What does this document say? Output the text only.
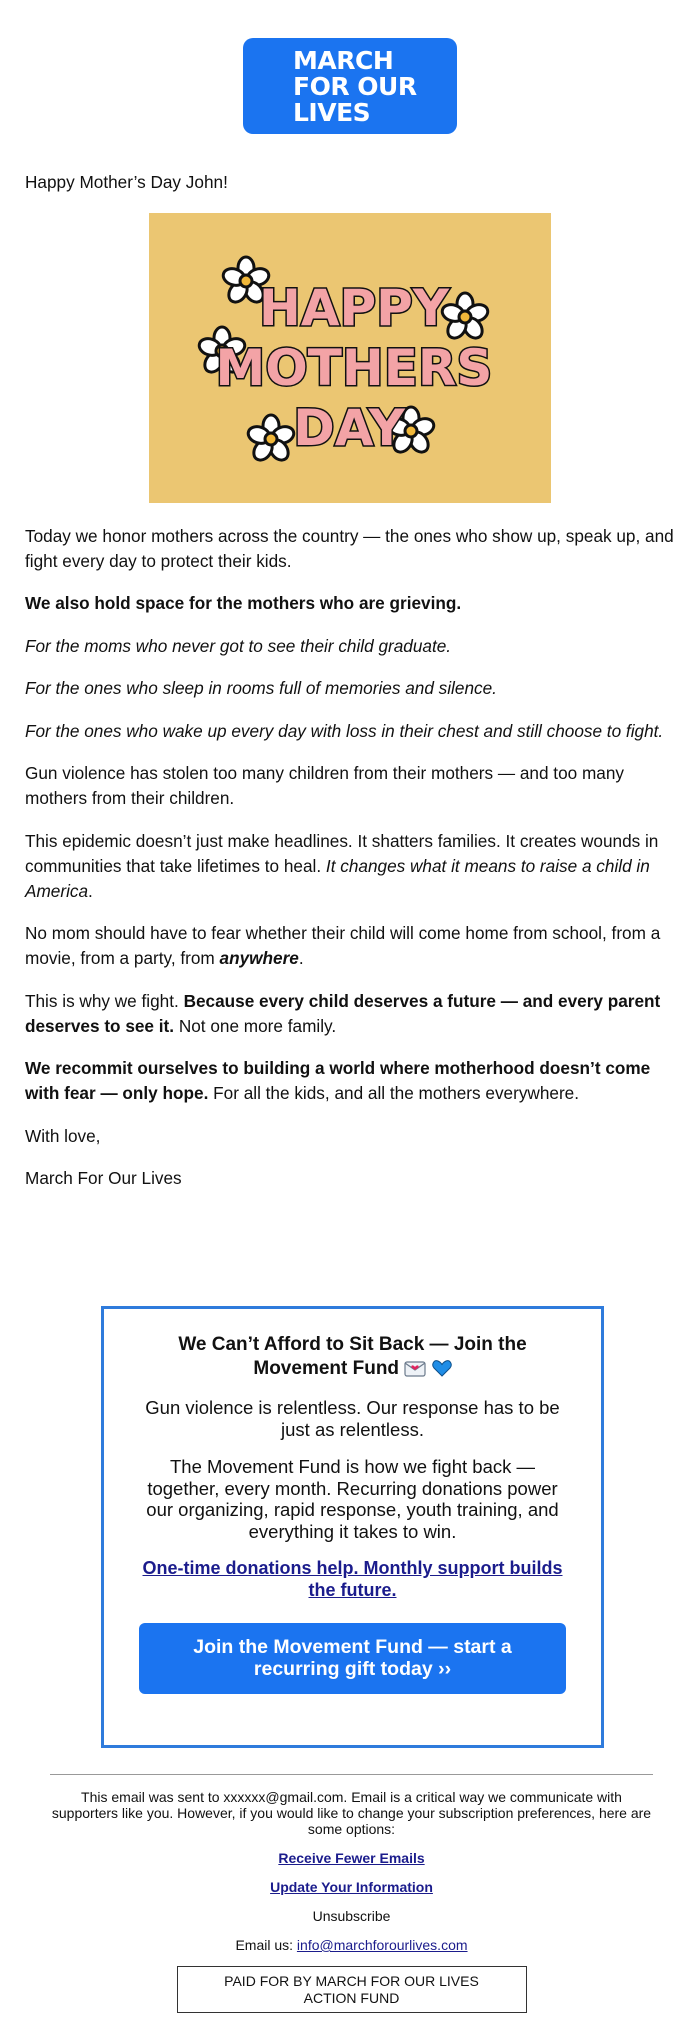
MARCH
FOR OUR
LIVES

Happy Mother’s Day John!

HAPPY
MOTHERS
DAY

Today we honor mothers across the country — the ones who show up, speak up, and fight every day to protect their kids.

We also hold space for the mothers who are grieving.

For the moms who never got to see their child graduate.

For the ones who sleep in rooms full of memories and silence.

For the ones who wake up every day with loss in their chest and still choose to fight.

Gun violence has stolen too many children from their mothers — and too many mothers from their children.

This epidemic doesn’t just make headlines. It shatters families. It creates wounds in communities that take lifetimes to heal. It changes what it means to raise a child in America.

No mom should have to fear whether their child will come home from school, from a movie, from a party, from anywhere.

This is why we fight. Because every child deserves a future — and every parent deserves to see it. Not one more family.

We recommit ourselves to building a world where motherhood doesn’t come with fear — only hope. For all the kids, and all the mothers everywhere.

With love,

March For Our Lives

We Can’t Afford to Sit Back — Join the Movement Fund

Gun violence is relentless. Our response has to be just as relentless.

The Movement Fund is how we fight back — together, every month. Recurring donations power our organizing, rapid response, youth training, and everything it takes to win.

One-time donations help. Monthly support builds the future.
Join the Movement Fund — start a recurring gift today ››

This email was sent to xxxxxx@gmail.com. Email is a critical way we communicate with supporters like you. However, if you would like to change your subscription preferences, here are some options:

Receive Fewer Emails

Update Your Information

Unsubscribe

Email us: info@marchforourlives.com

PAID FOR BY MARCH FOR OUR LIVES ACTION FUND
